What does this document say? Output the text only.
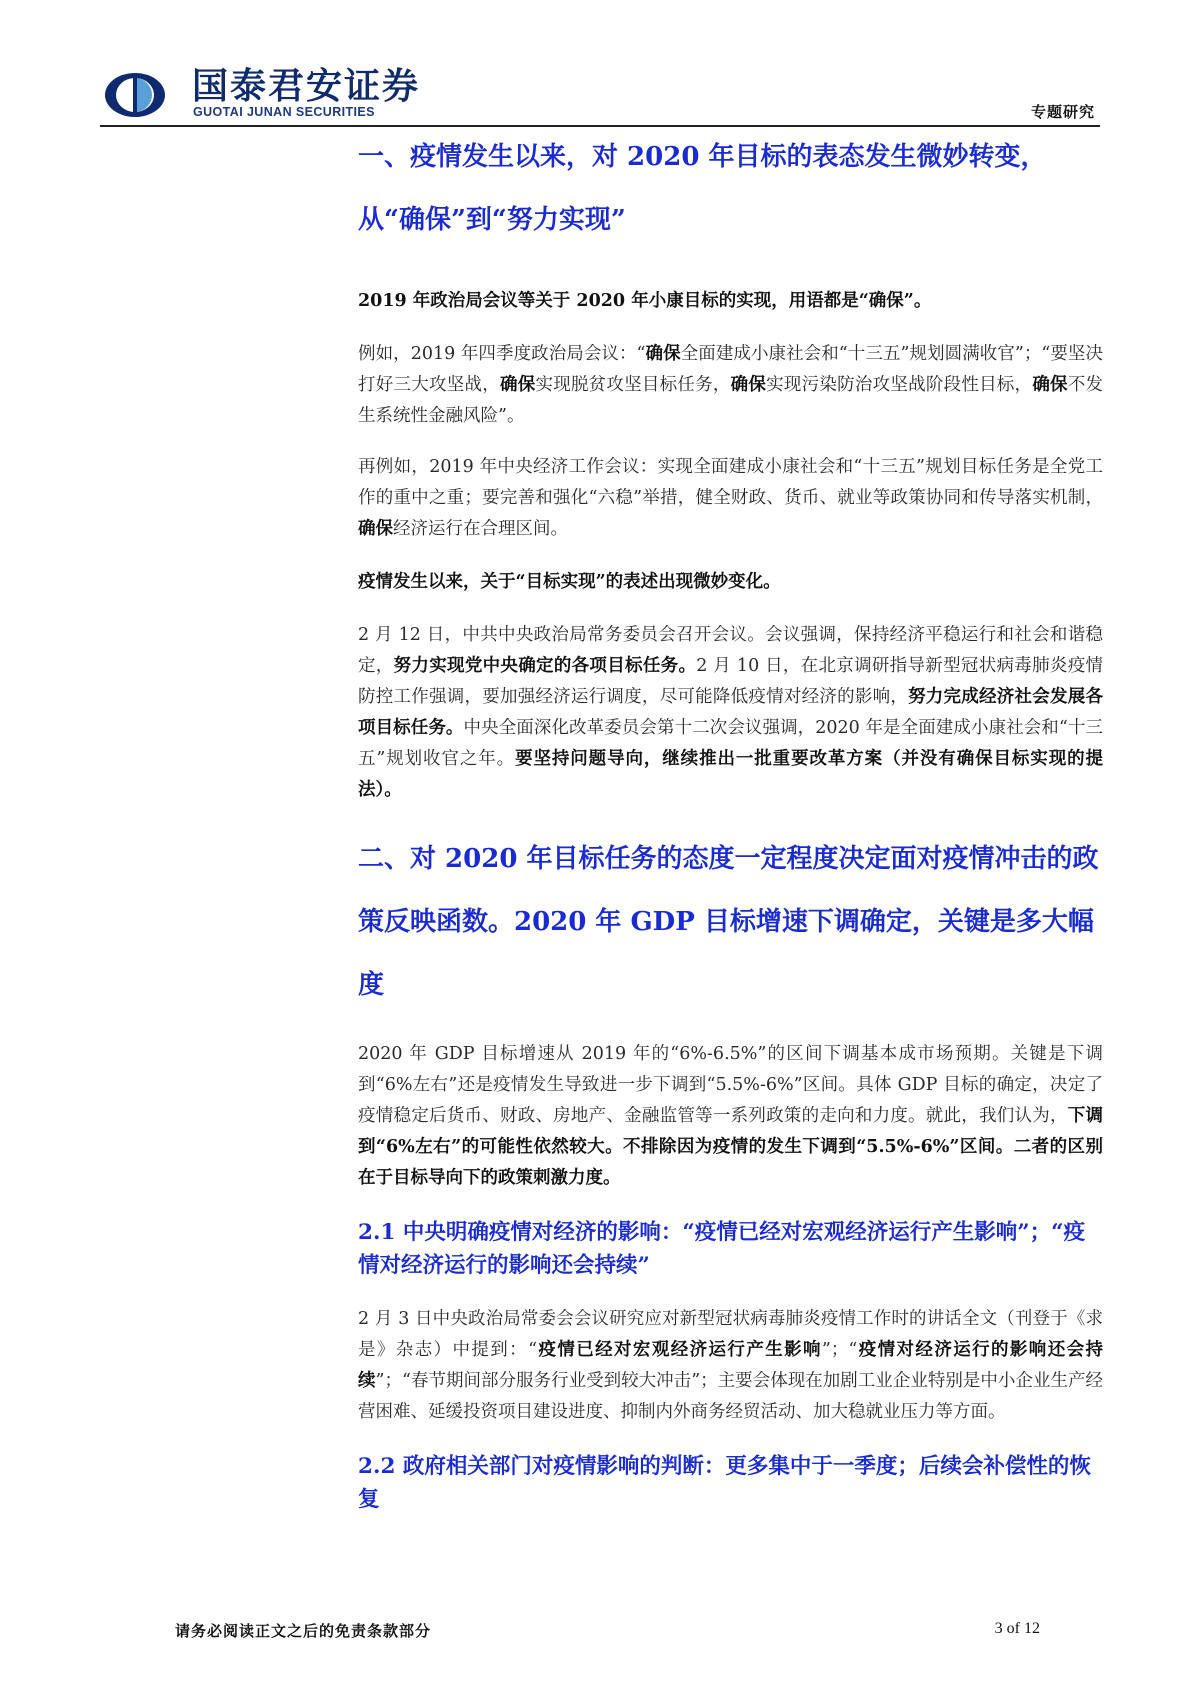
国泰君安证券
GUOTAI JUNAN SECURITIES	专题研究
一、疫情发生以来，对 2020 年目标的表态发生微妙转变，从“确保”到“努力实现”

2019 年政治局会议等关于 2020 年小康目标的实现，用语都是“确保”。

例如，2019 年四季度政治局会议：“确保全面建成小康社会和“十三五”规划圆满收官”；“要坚决打好三大攻坚战，确保实现脱贫攻坚目标任务，确保实现污染防治攻坚战阶段性目标，确保不发生系统性金融风险”。

再例如，2019 年中央经济工作会议：实现全面建成小康社会和“十三五”规划目标任务是全党工作的重中之重；要完善和强化“六稳”举措，健全财政、货币、就业等政策协同和传导落实机制，确保经济运行在合理区间。

疫情发生以来，关于“目标实现”的表述出现微妙变化。

2 月 12 日，中共中央政治局常务委员会召开会议。会议强调，保持经济平稳运行和社会和谐稳定，努力实现党中央确定的各项目标任务。2 月 10 日，在北京调研指导新型冠状病毒肺炎疫情防控工作强调，要加强经济运行调度，尽可能降低疫情对经济的影响，努力完成经济社会发展各项目标任务。中央全面深化改革委员会第十二次会议强调，2020 年是全面建成小康社会和“十三五”规划收官之年。要坚持问题导向，继续推出一批重要改革方案（并没有确保目标实现的提法）。

二、对 2020 年目标任务的态度一定程度决定面对疫情冲击的政策反映函数。2020 年 GDP 目标增速下调确定，关键是多大幅度

2020 年 GDP 目标增速从 2019 年的“6%-6.5%”的区间下调基本成市场预期。关键是下调到“6%左右”还是疫情发生导致进一步下调到“5.5%-6%”区间。具体 GDP 目标的确定，决定了疫情稳定后货币、财政、房地产、金融监管等一系列政策的走向和力度。就此，我们认为，下调到“6%左右”的可能性依然较大。不排除因为疫情的发生下调到“5.5%-6%”区间。二者的区别在于目标导向下的政策刺激力度。

2.1 中央明确疫情对经济的影响：“疫情已经对宏观经济运行产生影响”；“疫情对经济运行的影响还会持续”

2 月 3 日中央政治局常委会会议研究应对新型冠状病毒肺炎疫情工作时的讲话全文（刊登于《求是》杂志）中提到：“疫情已经对宏观经济运行产生影响”；“疫情对经济运行的影响还会持续”；“春节期间部分服务行业受到较大冲击”；主要会体现在加剧工业企业特别是中小企业生产经营困难、延缓投资项目建设进度、抑制内外商务经贸活动、加大稳就业压力等方面。

2.2 政府相关部门对疫情影响的判断：更多集中于一季度；后续会补偿性的恢复
请务必阅读正文之后的免责条款部分	3 of 12
